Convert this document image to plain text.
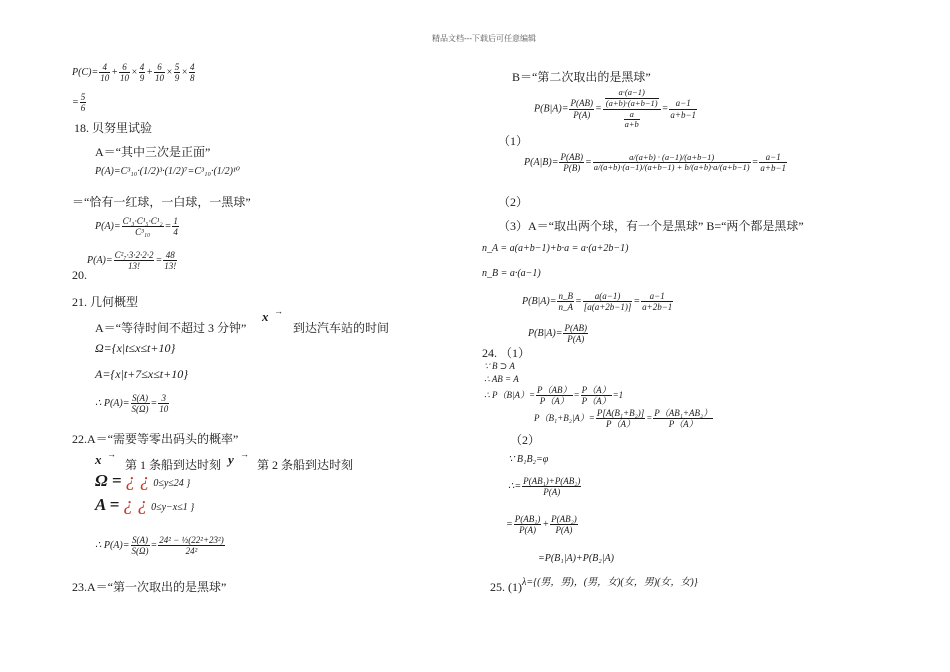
精品文档---下载后可任意编辑
$P(C)= \frac{4}{10} + \frac{6}{10} \times \frac{4}{9} + \frac{6}{10} \times \frac{5}{9} \times \frac{4}{8}$
= $\frac{5}{6}$
18. 贝努里试验
A＝“其中三次是正面”
P(A)=C³₁₀·(1/2)³·(1/2)⁷=C³₁₀·(1/2)¹⁰
＝“恰有一红球，一白球，一黑球”
$P(A)= \frac{\text{C¹₃·C¹₅·C¹₂}}{\text{C³₁₀}} = \frac{1}{4}$
20.
$P(A)= \frac{\text{C²₇·3·2·2·2}}{13!} = \frac{48}{13!}$
21. 几何概型
A＝“等待时间不超过 3 分钟”
x →
到达汽车站的时间
Ω={x|t≤x≤t+10}
A={x|t+7≤x≤t+10}
∴ $P(A)= \frac{S(A)}{S(\Omega)} = \frac{3}{10}$
22.A＝“需要等零出码头的概率”
x →
第 1 条船到达时刻 y →
第 2 条船到达时刻
Ω = ¿ ¿ 0≤y≤24 }
A = ¿ ¿ 0≤y−x≤1 }
∴ $P(A)= \frac{S(A)}{S(\Omega)} = \frac{\text{24² − ½(22²+23²)}}{\text{24²}}$
23.A＝“第一次取出的是黑球”
B＝“第二次取出的是黑球”
$P(B|A)= \frac{P(AB)}{P(A)} = \frac{\frac{a\cdot(a-1)}{(a+b)\cdot(a+b-1)}}{\frac{a}{a+b}} = \frac{a-1}{a+b-1}$
（1）
$P(A|B)= \frac{P(AB)}{P(B)} = \frac{a/(a+b) \cdot (a-1)/(a+b-1)}{a/(a+b)\cdot(a-1)/(a+b-1) + b/(a+b)\cdot a/(a+b-1)} = \frac{a-1}{a+b-1}$
（2）
（3）A＝“取出两个球，有一个是黑球” B=“两个都是黑球”
n_A = a(a+b−1)+b·a = a·(a+2b−1)
n_B = a·(a−1)
$P(B|A)= \frac{n\_B}{n\_A} = \frac{a(a-1)}{[a(a+2b-1)]} = \frac{a-1}{a+2b-1}$
$P(B|A)= \frac{P(AB)}{P(A)}$
24. （1）
∵ B ⊃ A
∴ AB = A
∴ $P(B|A)= \frac{P(AB)}{P(A)} = \frac{P(A)}{P(A)} =1$
（2）
$P(B_1+B_2|A)= \frac{\text{P[A(B₁+B₂)]}}{P(A)} = \frac{\text{P（AB₁+AB₂）}}{P(A)}$
∵ B₁B₂=φ
∴= $\frac{\text{P(AB₁)+P(AB₂)}}{P(A)}$
= $\frac{\text{P(AB₁)}}{P(A)} + \frac{\text{P(AB₂)}}{P(A)}$
=P(B₁|A)+P(B₂|A)
25. (1) λ={(男，男)，(男，女)(女，男)(女，女)}
